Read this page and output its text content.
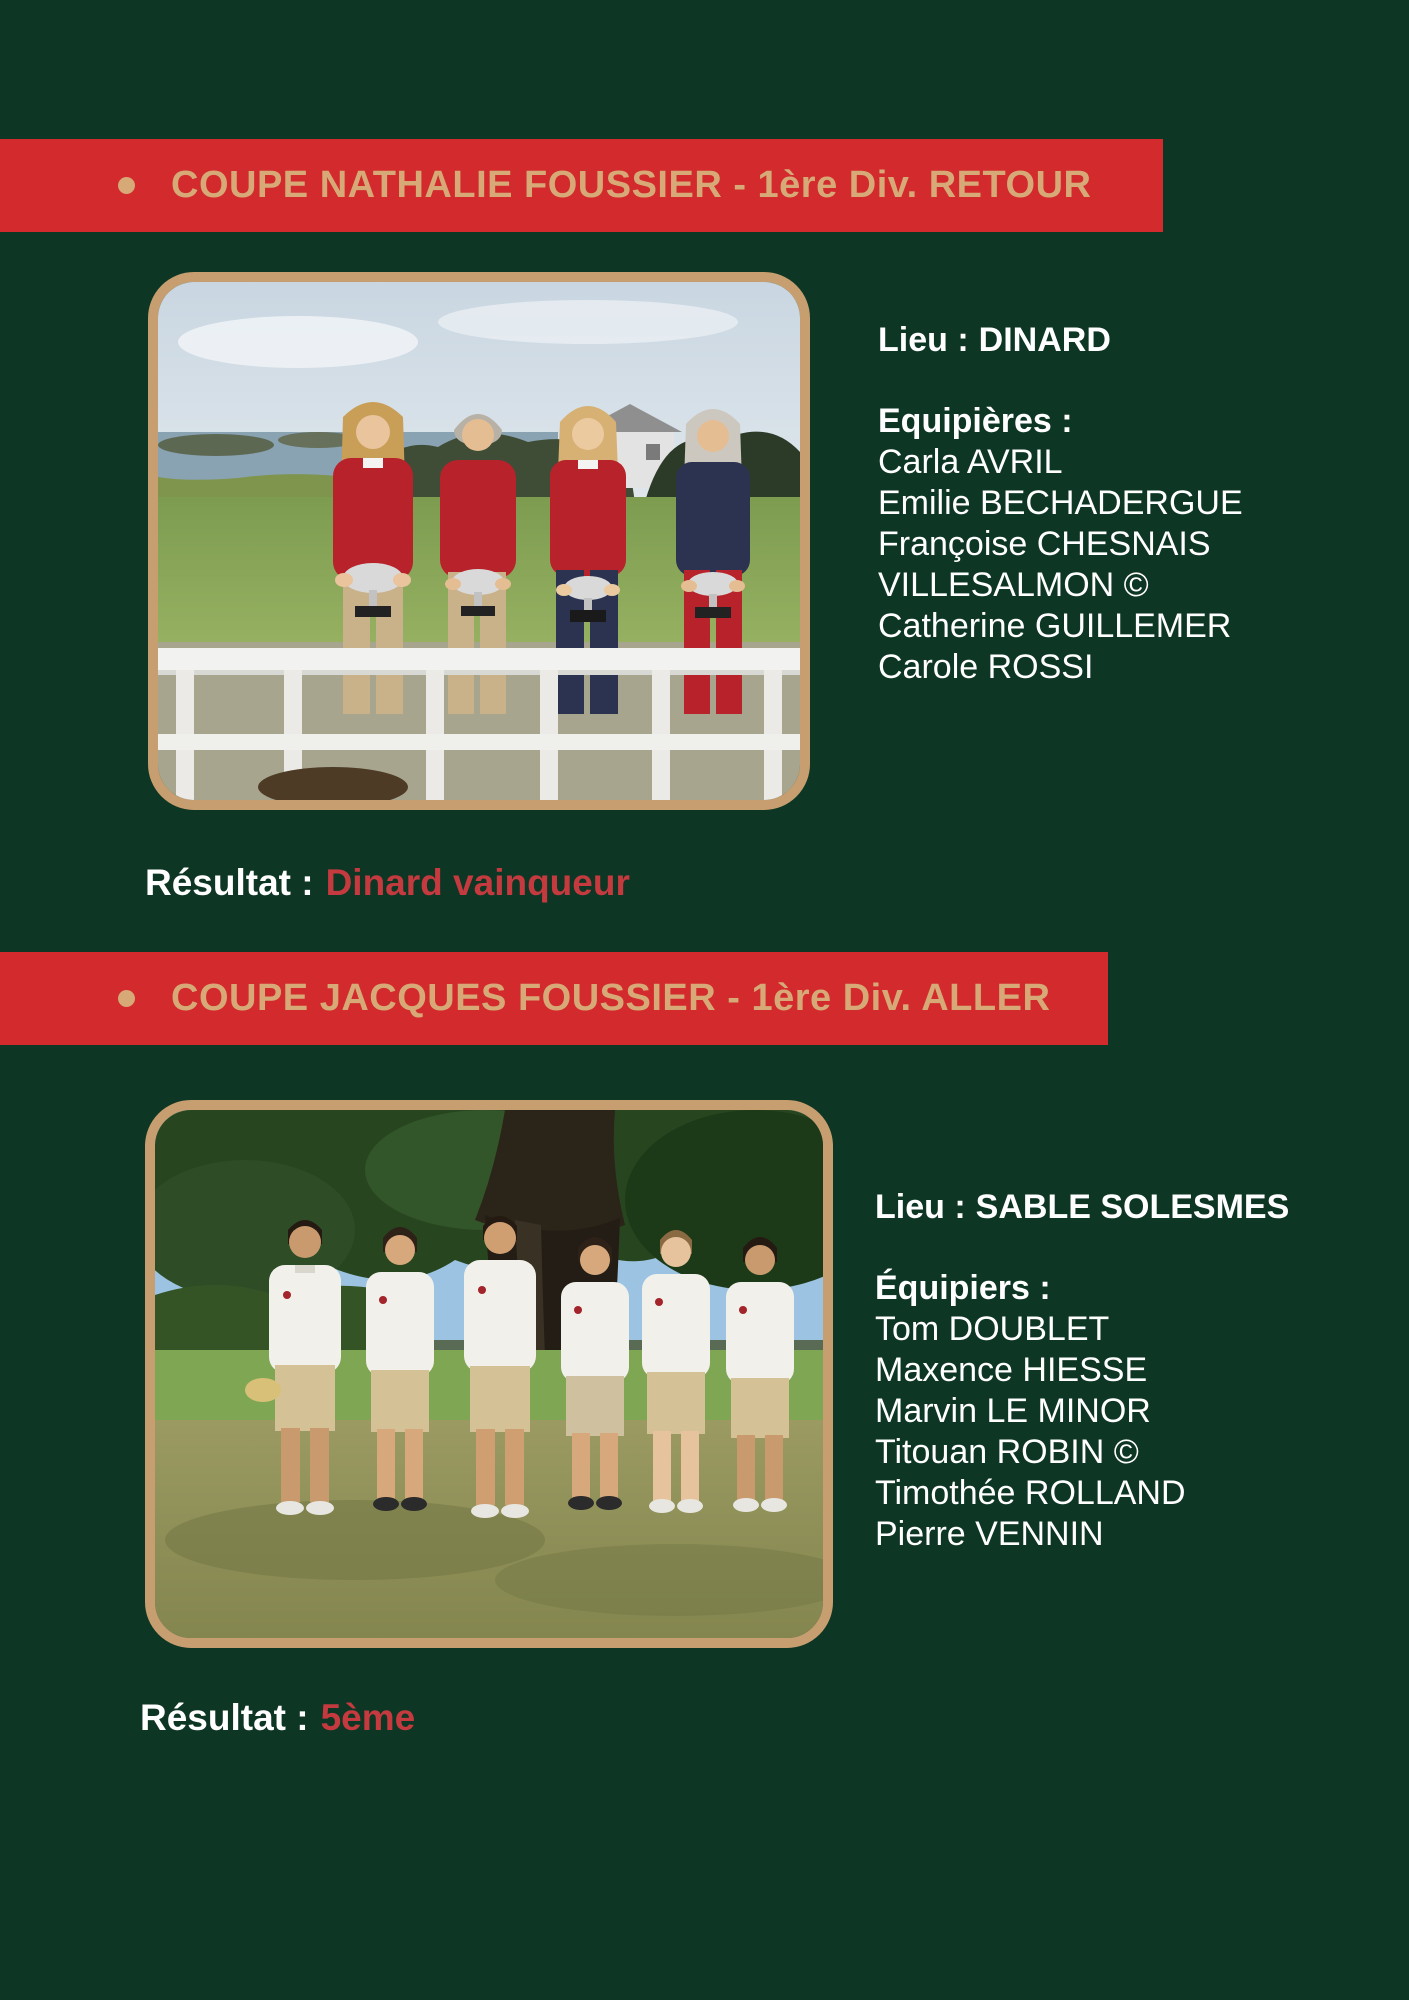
COUPE NATHALIE FOUSSIER - 1ère Div. RETOUR
Lieu : DINARD
Equipières :
Carla AVRIL
Emilie BECHADERGUE
Françoise CHESNAIS
VILLESALMON ©
Catherine GUILLEMER
Carole ROSSI
Résultat : Dinard vainqueur
COUPE JACQUES FOUSSIER - 1ère Div. ALLER
Lieu : SABLE SOLESMES
Équipiers :
Tom DOUBLET
Maxence HIESSE
Marvin LE MINOR
Titouan ROBIN ©
Timothée ROLLAND
Pierre VENNIN
Résultat : 5ème
